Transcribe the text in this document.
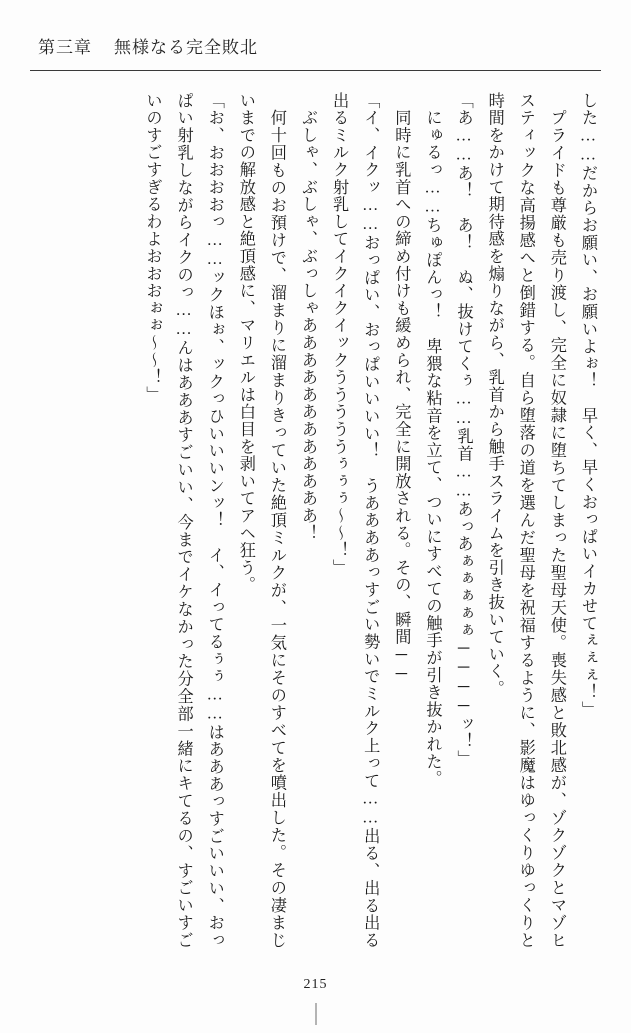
第三章 無様なる完全敗北

した……だからお願い、お願いよぉ！　早く、早くおっぱいイカせてぇぇぇ！」

　プライドも尊厳も売り渡し、完全に奴隷に堕ちてしまった聖母天使。喪失感と敗北感が、ゾクゾクとマゾヒスティックな高揚感へと倒錯する。自ら堕落の道を選んだ聖母を祝福するように、影魔はゆっくりゆっくりと時間をかけて期待感を煽りながら、乳首から触手スライムを引き抜いていく。

「あ……あ！　あ！　ぬ、抜けてくぅ……乳首……あっあぁぁぁぁぁ────ッ！」

　にゅるっ……ちゅぽんっ！　卑猥な粘音を立て、ついにすべての触手が引き抜かれた。

　同時に乳首への締め付けも緩められ、完全に開放される。その、瞬間──

「イ、イクッ……おっぱい、おっぱいいいい！　うああああっすごい勢いでミルク上って……出る、出る出る出るミルク射乳してイクイクイックうううううぅぅぅ～～！」

　ぶしゃ、ぶしゃ、ぶっしゃああああああああああああ！

　何十回ものお預けで、溜まりに溜まりきっていた絶頂ミルクが、一気にそのすべてを噴出した。その凄まじいまでの解放感と絶頂感に、マリエルは白目を剥いてアヘ狂う。

「お、おおおおっ……ックほぉ、ックっひいいいンッ！　イ、イってるぅぅ……はあああっすごいいい、おっぱい射乳しながらイクのっ……んはあああすごいい、今までイケなかった分全部一緒にキてるの、すごいすごいのすごすぎるわよおおおぉぉ～～！」

215
